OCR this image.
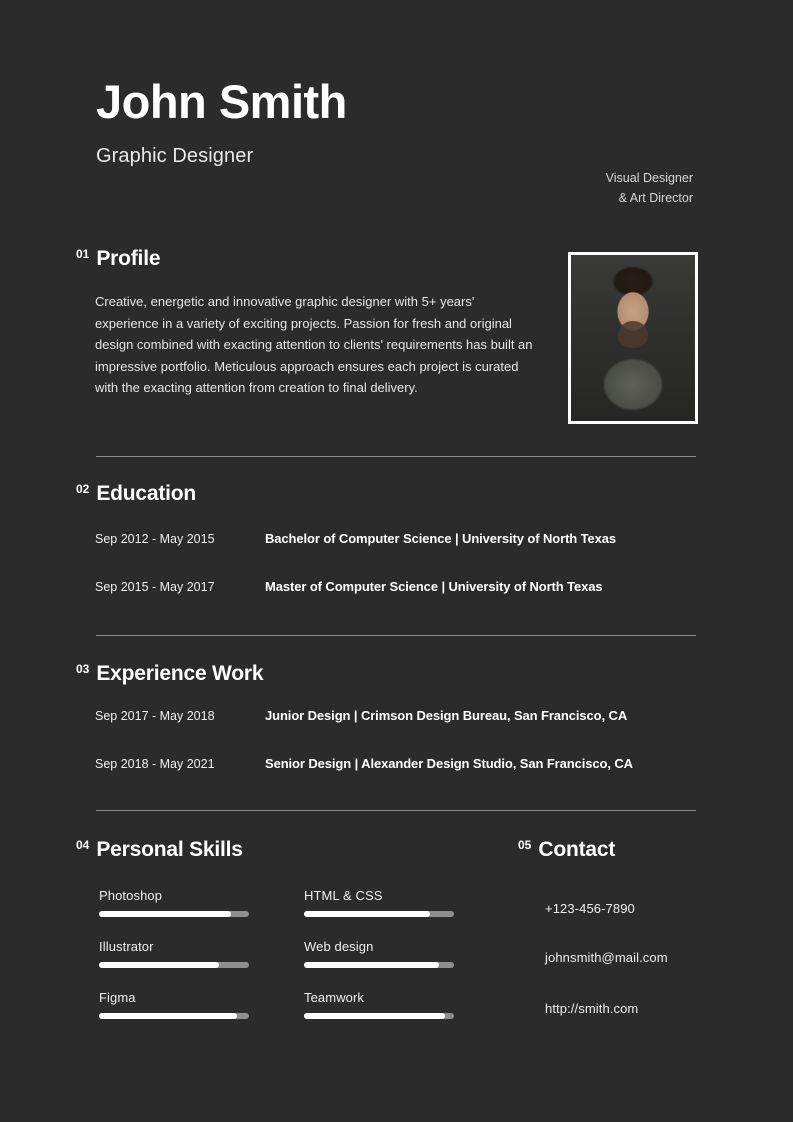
John Smith
Graphic Designer
Visual Designer
& Art Director
01 Profile
Creative, energetic and innovative graphic designer with 5+ years' experience in a variety of exciting projects. Passion for fresh and original design combined with exacting attention to clients' requirements has built an impressive portfolio. Meticulous approach ensures each project is curated with the exacting attention from creation to final delivery.
02 Education
Sep 2012 - May 2015	Bachelor of Computer Science | University of North Texas
Sep 2015 - May 2017	Master of Computer Science | University of North Texas
03 Experience Work
Sep 2017 - May 2018	Junior Design | Crimson Design Bureau, San Francisco, CA
Sep 2018 - May 2021	Senior Design | Alexander Design Studio, San Francisco, CA
04 Personal Skills	05 Contact
Photoshop
Illustrator
Figma
HTML & CSS
Web design
Teamwork
+123-456-7890
johnsmith@mail.com
http://smith.com
